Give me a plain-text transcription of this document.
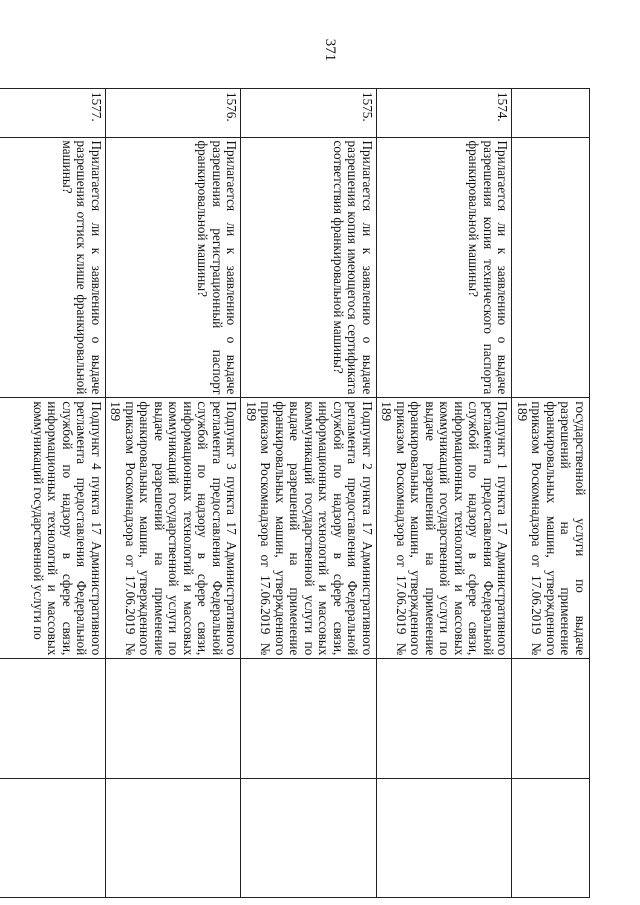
371
		государственной услуги по выдаче разрешений на применение франкировальных машин, утвержденного приказом Роскомнадзора от 17.06.2019 № 189		
1574.	Прилагается ли к заявлению о выдаче разрешения копия технического паспорта франкировальной машины?	Подпункт 1 пункта 17 Административного регламента предоставления Федеральной службой по надзору в сфере связи, информационных технологий и массовых коммуникаций государственной услуги по выдаче разрешений на применение франкировальных машин, утвержденного приказом Роскомнадзора от 17.06.2019 № 189		
1575.	Прилагается ли к заявлению о выдаче разрешения копия имеющегося сертификата соответствия франкировальной машины?	Подпункт 2 пункта 17 Административного регламента предоставления Федеральной службой по надзору в сфере связи, информационных технологий и массовых коммуникаций государственной услуги по выдаче разрешений на применение франкировальных машин, утвержденного приказом Роскомнадзора от 17.06.2019 № 189		
1576.	Прилагается ли к заявлению о выдаче разрешения регистрационный паспорт франкировальной машины?	Подпункт 3 пункта 17 Административного регламента предоставления Федеральной службой по надзору в сфере связи, информационных технологий и массовых коммуникаций государственной услуги по выдаче разрешений на применение франкировальных машин, утвержденного приказом Роскомнадзора от 17.06.2019 № 189		
1577.	Прилагается ли к заявлению о выдаче разрешения оттиск клише франкировальной машины?	Подпункт 4 пункта 17 Административного регламента предоставления Федеральной службой по надзору в сфере связи, информационных технологий и массовых коммуникаций государственной услуги по		
